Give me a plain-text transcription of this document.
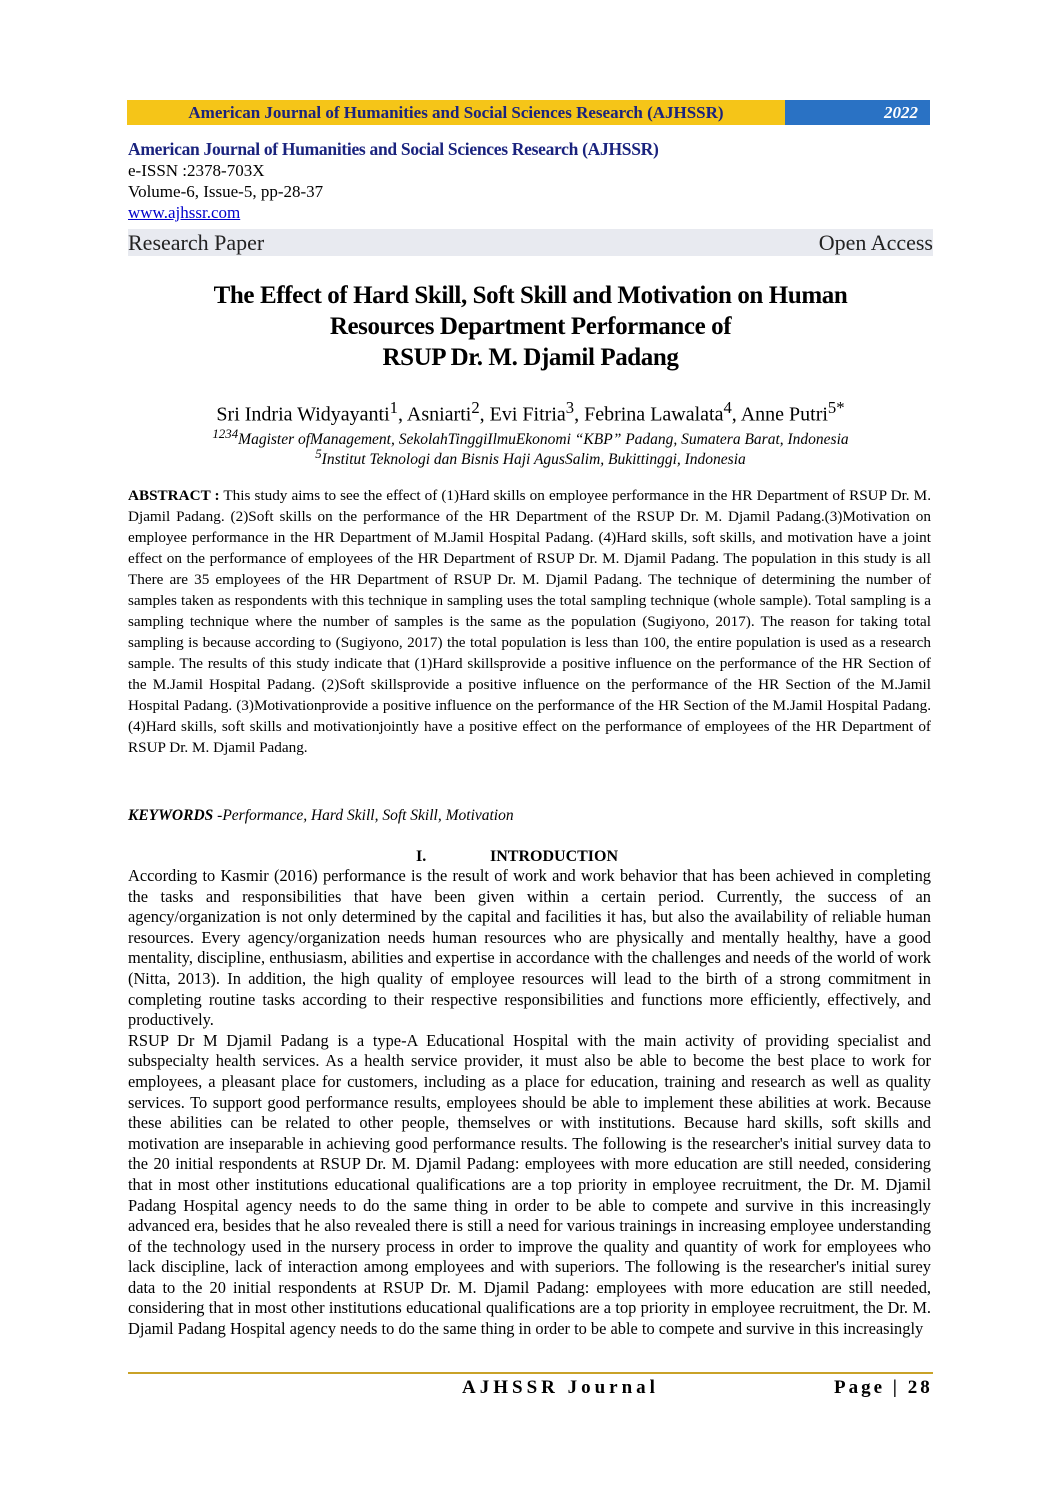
American Journal of Humanities and Social Sciences Research (AJHSSR)	2022
American Journal of Humanities and Social Sciences Research (AJHSSR)
e-ISSN :2378-703X
Volume-6, Issue-5, pp-28-37
www.ajhssr.com
Research Paper	Open Access
The Effect of Hard Skill, Soft Skill and Motivation on Human
Resources Department Performance of
RSUP Dr. M. Djamil Padang
Sri Indria Widyayanti$^1$, Asniarti$^2$, Evi Fitria$^3$, Febrina Lawalata$^4$, Anne Putri$^{5*}$
$^{1234}$Magister ofManagement, SekolahTinggiIlmuEkonomi “KBP” Padang, Sumatera Barat, Indonesia
$^5$Institut Teknologi dan Bisnis Haji AgusSalim, Bukittinggi, Indonesia
ABSTRACT : This study aims to see the effect of (1)Hard skills on employee performance in the HR Department of RSUP Dr. M. Djamil Padang. (2)Soft skills on the performance of the HR Department of the RSUP Dr. M. Djamil Padang.(3)Motivation on employee performance in the HR Department of M.Jamil Hospital Padang. (4)Hard skills, soft skills, and motivation have a joint effect on the performance of employees of the HR Department of RSUP Dr. M. Djamil Padang. The population in this study is all There are 35 employees of the HR Department of RSUP Dr. M. Djamil Padang. The technique of determining the number of samples taken as respondents with this technique in sampling uses the total sampling technique (whole sample). Total sampling is a sampling technique where the number of samples is the same as the population (Sugiyono, 2017). The reason for taking total sampling is because according to (Sugiyono, 2017) the total population is less than 100, the entire population is used as a research sample. The results of this study indicate that (1)Hard skillsprovide a positive influence on the performance of the HR Section of the M.Jamil Hospital Padang. (2)Soft skillsprovide a positive influence on the performance of the HR Section of the M.Jamil Hospital Padang. (3)Motivationprovide a positive influence on the performance of the HR Section of the M.Jamil Hospital Padang. (4)Hard skills, soft skills and motivationjointly have a positive effect on the performance of employees of the HR Department of RSUP Dr. M. Djamil Padang.
KEYWORDS -Performance, Hard Skill, Soft Skill, Motivation
I.	INTRODUCTION

According to Kasmir (2016) performance is the result of work and work behavior that has been achieved in completing the tasks and responsibilities that have been given within a certain period. Currently, the success of an agency/organization is not only determined by the capital and facilities it has, but also the availability of reliable human resources. Every agency/organization needs human resources who are physically and mentally healthy, have a good mentality, discipline, enthusiasm, abilities and expertise in accordance with the challenges and needs of the world of work (Nitta, 2013). In addition, the high quality of employee resources will lead to the birth of a strong commitment in completing routine tasks according to their respective responsibilities and functions more efficiently, effectively, and productively.

RSUP Dr M Djamil Padang is a type-A Educational Hospital with the main activity of providing specialist and subspecialty health services. As a health service provider, it must also be able to become the best place to work for employees, a pleasant place for customers, including as a place for education, training and research as well as quality services. To support good performance results, employees should be able to implement these abilities at work. Because these abilities can be related to other people, themselves or with institutions. Because hard skills, soft skills and motivation are inseparable in achieving good performance results. The following is the researcher's initial survey data to the 20 initial respondents at RSUP Dr. M. Djamil Padang: employees with more education are still needed, considering that in most other institutions educational qualifications are a top priority in employee recruitment, the Dr. M. Djamil Padang Hospital agency needs to do the same thing in order to be able to compete and survive in this increasingly advanced era, besides that he also revealed there is still a need for various trainings in increasing employee understanding of the technology used in the nursery process in order to improve the quality and quantity of work for employees who lack discipline, lack of interaction among employees and with superiors. The following is the researcher's initial surey data to the 20 initial respondents at RSUP Dr. M. Djamil Padang: employees with more education are still needed, considering that in most other institutions educational qualifications are a top priority in employee recruitment, the Dr. M. Djamil Padang Hospital agency needs to do the same thing in order to be able to compete and survive in this increasingly

AJHSSR Journal	Page | 28
